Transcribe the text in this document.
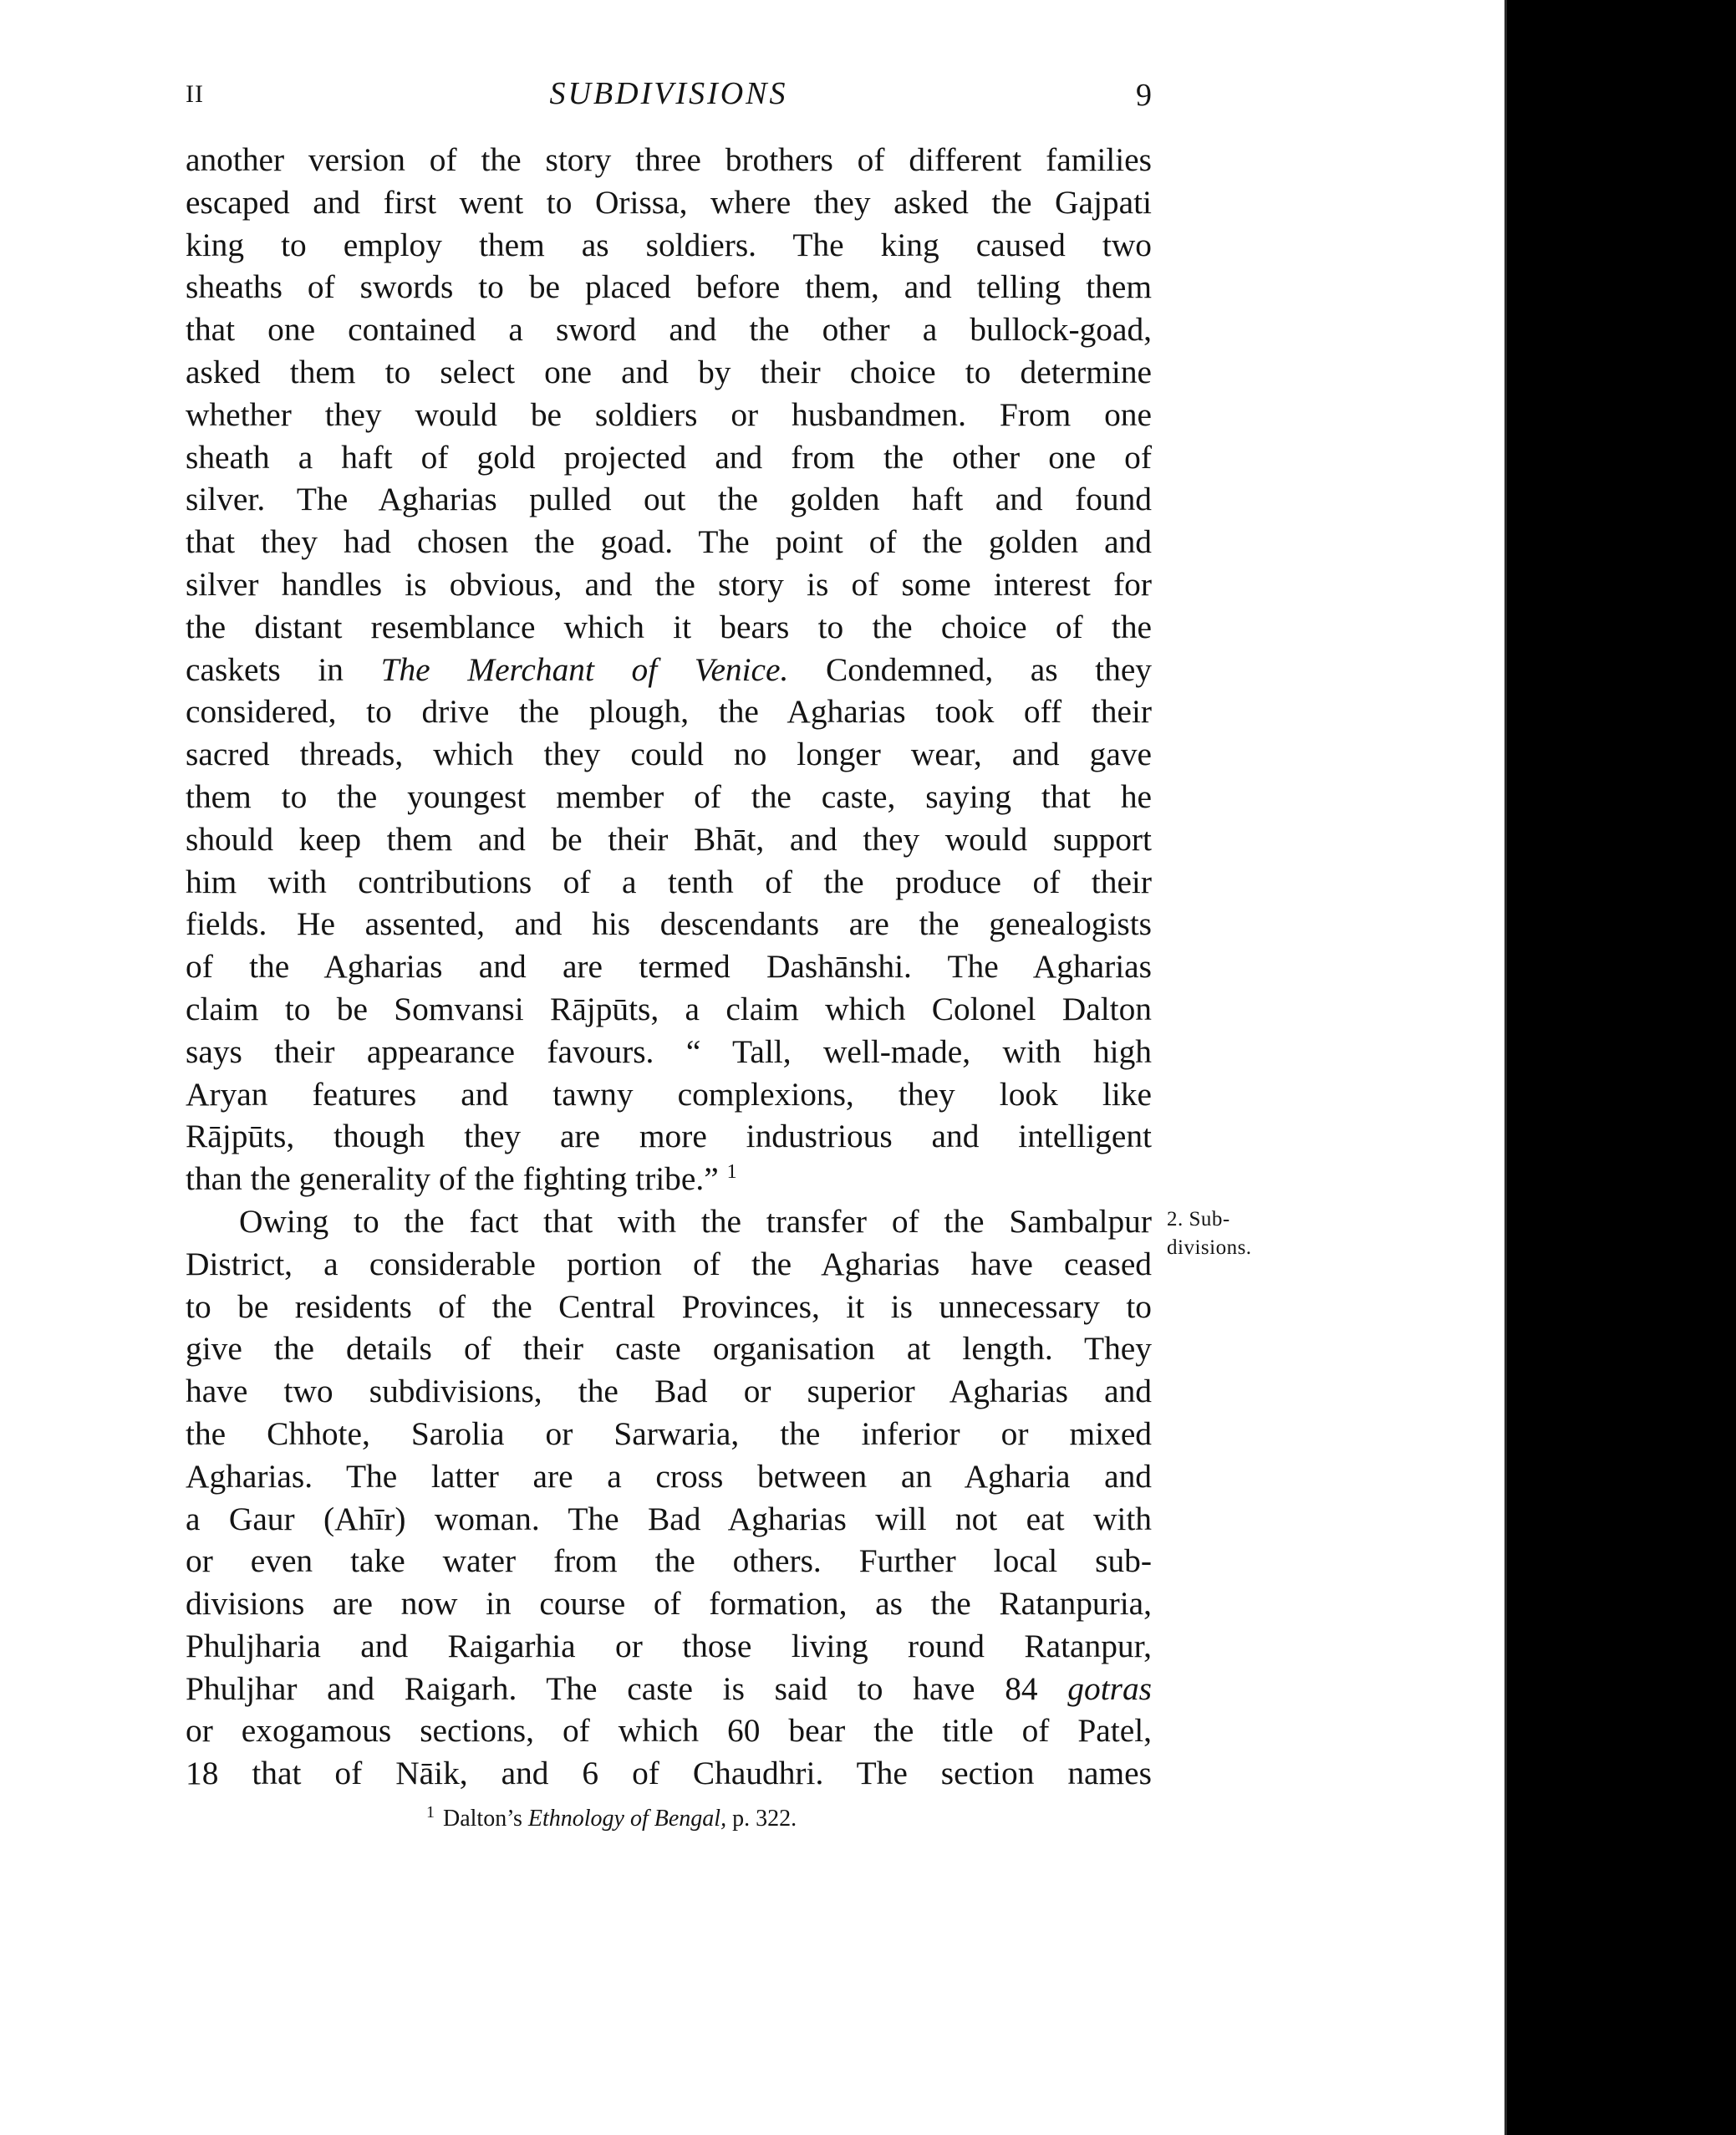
II	SUBDIVISIONS	9
another version of the story three brothers of different families
escaped and first went to Orissa, where they asked the Gajpati
king to employ them as soldiers. The king caused two
sheaths of swords to be placed before them, and telling them
that one contained a sword and the other a bullock-goad,
asked them to select one and by their choice to determine
whether they would be soldiers or husbandmen. From one
sheath a haft of gold projected and from the other one of
silver. The Agharias pulled out the golden haft and found
that they had chosen the goad. The point of the golden and
silver handles is obvious, and the story is of some interest for
the distant resemblance which it bears to the choice of the
caskets in The Merchant of Venice. Condemned, as they
considered, to drive the plough, the Agharias took off their
sacred threads, which they could no longer wear, and gave
them to the youngest member of the caste, saying that he
should keep them and be their Bhāt, and they would support
him with contributions of a tenth of the produce of their
fields. He assented, and his descendants are the genealogists
of the Agharias and are termed Dashānshi. The Agharias
claim to be Somvansi Rājpūts, a claim which Colonel Dalton
says their appearance favours. “ Tall, well-made, with high
Aryan features and tawny complexions, they look like
Rājpūts, though they are more industrious and intelligent
than the generality of the fighting tribe.” $^1$
Owing to the fact that with the transfer of the Sambalpur
District, a considerable portion of the Agharias have ceased
to be residents of the Central Provinces, it is unnecessary to
give the details of their caste organisation at length. They
have two subdivisions, the Bad or superior Agharias and
the Chhote, Sarolia or Sarwaria, the inferior or mixed
Agharias. The latter are a cross between an Agharia and
a Gaur (Ahīr) woman. The Bad Agharias will not eat with
or even take water from the others. Further local sub-
divisions are now in course of formation, as the Ratanpuria,
Phuljharia and Raigarhia or those living round Ratanpur,
Phuljhar and Raigarh. The caste is said to have 84 gotras
or exogamous sections, of which 60 bear the title of Patel,
18 that of Nāik, and 6 of Chaudhri. The section names
2. Sub-
divisions.
$^1$ Dalton’s Ethnology of Bengal, p. 322.
